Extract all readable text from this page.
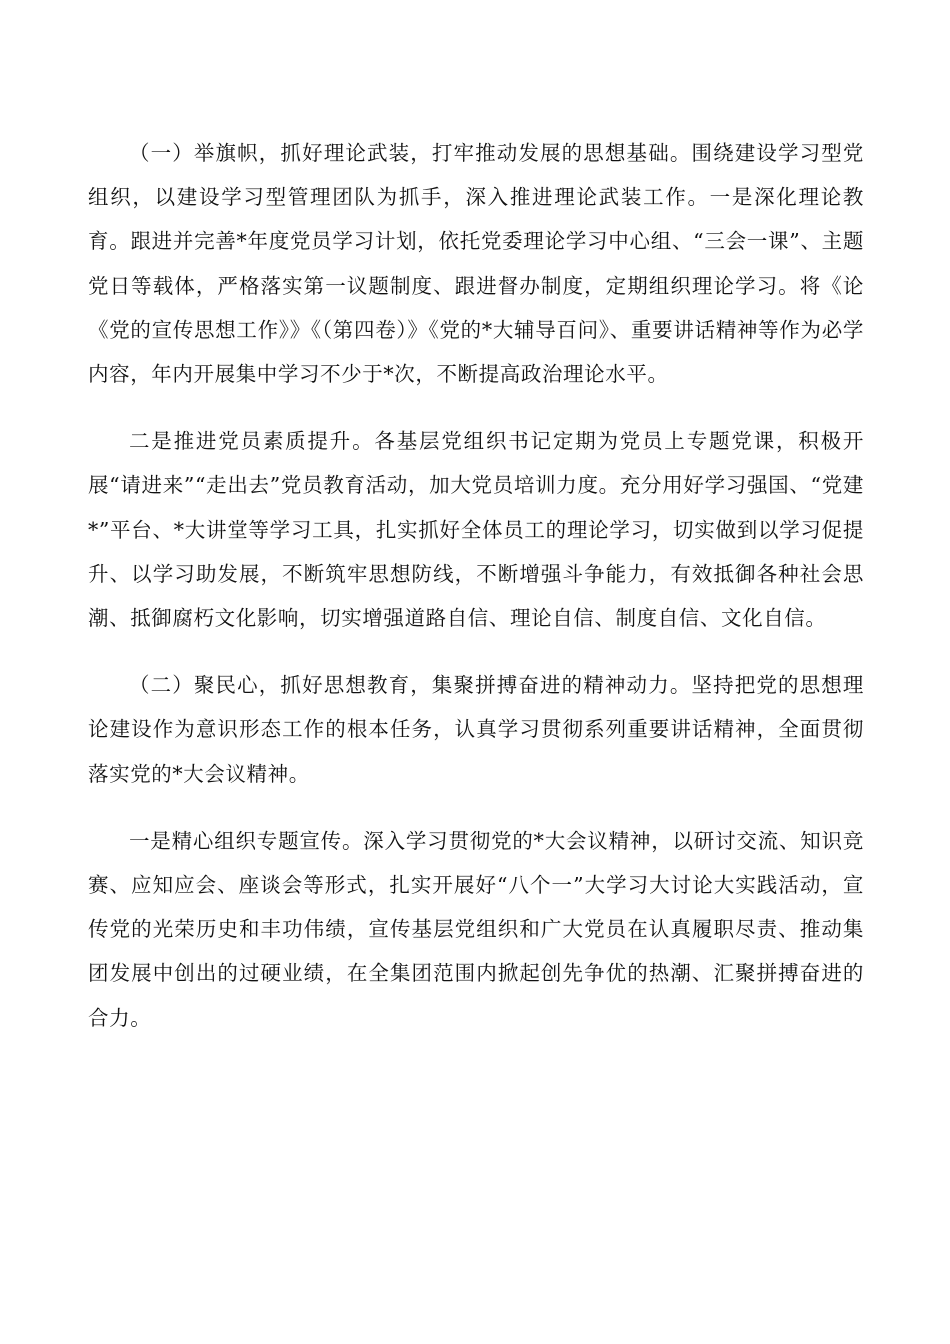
（一）举旗帜，抓好理论武装，打牢推动发展的思想基础。围绕建设学习型党组织，以建设学习型管理团队为抓手，深入推进理论武装工作。一是深化理论教育。跟进并完善*年度党员学习计划，依托党委理论学习中心组、“三会一课”、主题党日等载体，严格落实第一议题制度、跟进督办制度，定期组织理论学习。将《论《党的宣传思想工作》》《（第四卷）》《党的*大辅导百问》、重要讲话精神等作为必学内容，年内开展集中学习不少于*次，不断提高政治理论水平。

二是推进党员素质提升。各基层党组织书记定期为党员上专题党课，积极开展“请进来”“走出去”党员教育活动，加大党员培训力度。充分用好学习强国、“党建*”平台、*大讲堂等学习工具，扎实抓好全体员工的理论学习，切实做到以学习促提升、以学习助发展，不断筑牢思想防线，不断增强斗争能力，有效抵御各种社会思潮、抵御腐朽文化影响，切实增强道路自信、理论自信、制度自信、文化自信。

（二）聚民心，抓好思想教育，集聚拼搏奋进的精神动力。坚持把党的思想理论建设作为意识形态工作的根本任务，认真学习贯彻系列重要讲话精神，全面贯彻落实党的*大会议精神。

一是精心组织专题宣传。深入学习贯彻党的*大会议精神，以研讨交流、知识竞赛、应知应会、座谈会等形式，扎实开展好“八个一”大学习大讨论大实践活动，宣传党的光荣历史和丰功伟绩，宣传基层党组织和广大党员在认真履职尽责、推动集团发展中创出的过硬业绩，在全集团范围内掀起创先争优的热潮、汇聚拼搏奋进的合力。
